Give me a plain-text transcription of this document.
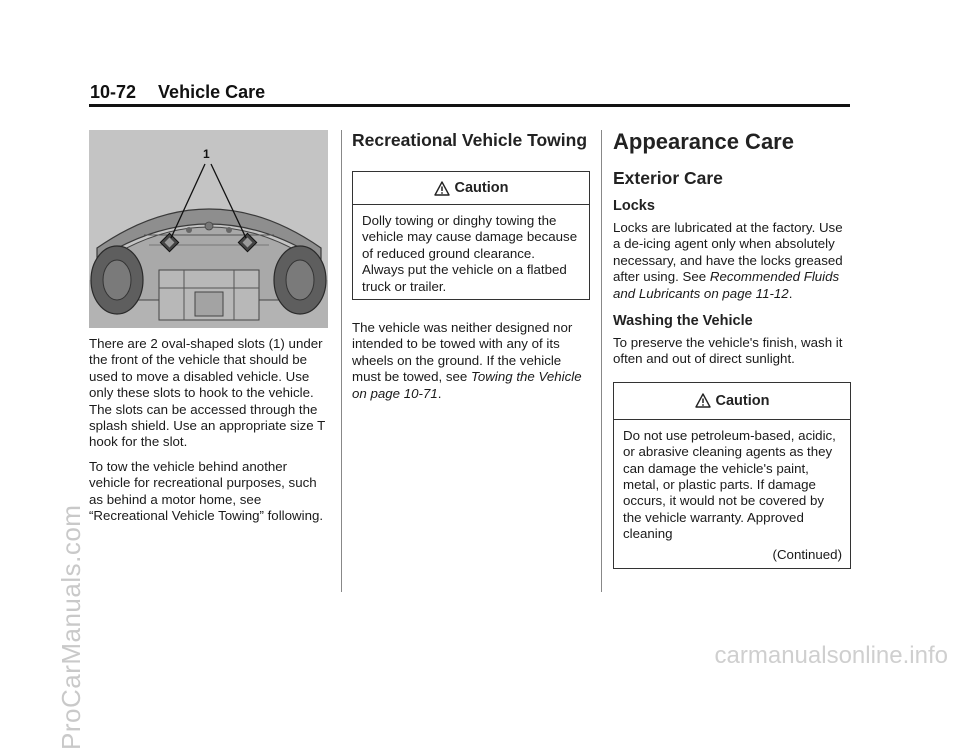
10-72 Vehicle Care
1

There are 2 oval-shaped slots (1) under the front of the vehicle that should be used to move a disabled vehicle. Use only these slots to hook to the vehicle. The slots can be accessed through the splash shield. Use an appropriate size T hook for the slot.

To tow the vehicle behind another vehicle for recreational purposes, such as behind a motor home, see “Recreational Vehicle Towing” following.

Recreational Vehicle Towing
Caution

Dolly towing or dinghy towing the vehicle may cause damage because of reduced ground clearance. Always put the vehicle on a flatbed truck or trailer.

The vehicle was neither designed nor intended to be towed with any of its wheels on the ground. If the vehicle must be towed, see Towing the Vehicle on page 10-71.

Appearance Care
Exterior Care
Locks

Locks are lubricated at the factory. Use a de-icing agent only when absolutely necessary, and have the locks greased after using. See Recommended Fluids and Lubricants on page 11-12.

Washing the Vehicle

To preserve the vehicle's finish, wash it often and out of direct sunlight.

Caution

Do not use petroleum-based, acidic, or abrasive cleaning agents as they can damage the vehicle's paint, metal, or plastic parts. If damage occurs, it would not be covered by the vehicle warranty. Approved cleaning

(Continued)
ProCarManuals.com	carmanualsonline.info
